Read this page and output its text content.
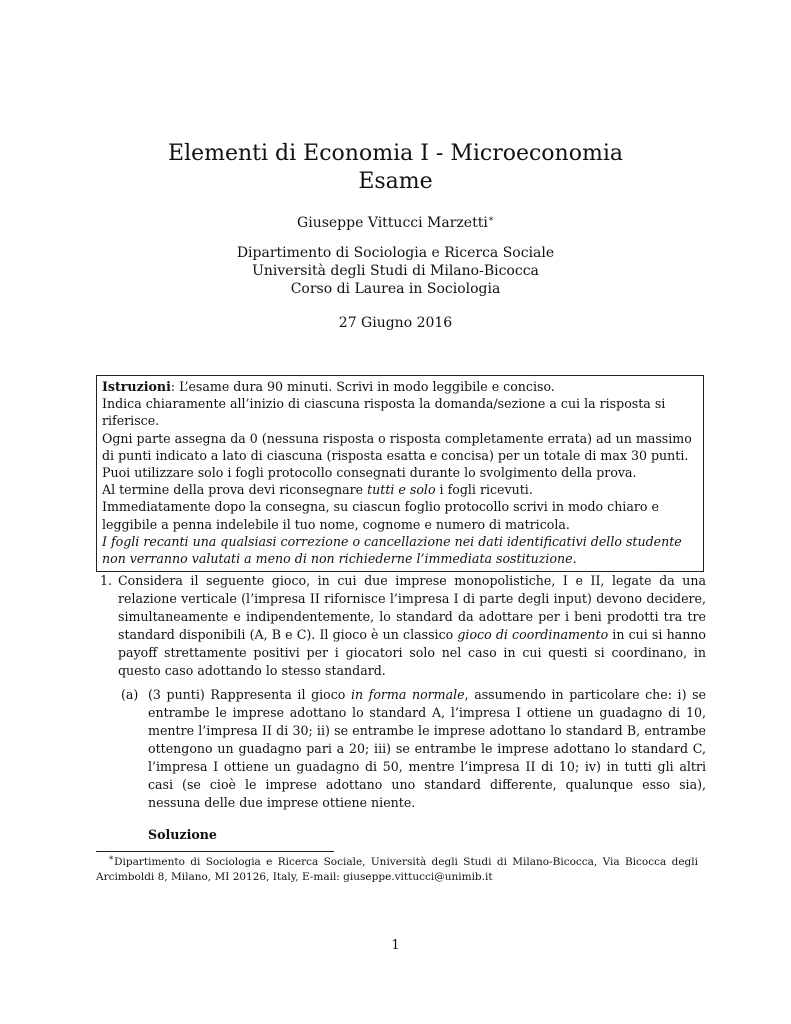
Elementi di Economia I - Microeconomia
Esame
Giuseppe Vittucci Marzetti∗
Dipartimento di Sociologia e Ricerca Sociale
Università degli Studi di Milano-Bicocca
Corso di Laurea in Sociologia
27 Giugno 2016

Istruzioni: L’esame dura 90 minuti. Scrivi in modo leggibile e conciso.

Indica chiaramente all’inizio di ciascuna risposta la domanda/sezione a cui la risposta si riferisce.

Ogni parte assegna da 0 (nessuna risposta o risposta completamente errata) ad un massimo di punti indicato a lato di ciascuna (risposta esatta e concisa) per un totale di max 30 punti.

Puoi utilizzare solo i fogli protocollo consegnati durante lo svolgimento della prova.

Al termine della prova devi riconsegnare tutti e solo i fogli ricevuti.

Immediatamente dopo la consegna, su ciascun foglio protocollo scrivi in modo chiaro e leggibile a penna indelebile il tuo nome, cognome e numero di matricola.

I fogli recanti una qualsiasi correzione o cancellazione nei dati identificativi dello studente non verranno valutati a meno di non richiederne l’immediata sostituzione.

1. Considera il seguente gioco, in cui due imprese monopolistiche, I e II, legate da una relazione verticale (l’impresa II rifornisce l’impresa I di parte degli input) devono decidere, simultaneamente e indipendentemente, lo standard da adottare per i beni prodotti tra tre standard disponibili (A, B e C). Il gioco è un classico gioco di coordinamento in cui si hanno payoff strettamente positivi per i giocatori solo nel caso in cui questi si coordinano, in questo caso adottando lo stesso standard.
(a) (3 punti) Rappresenta il gioco in forma normale, assumendo in particolare che: i) se entrambe le imprese adottano lo standard A, l’impresa I ottiene un guadagno di 10, mentre l’impresa II di 30; ii) se entrambe le imprese adottano lo standard B, entrambe ottengono un guadagno pari a 20; iii) se entrambe le imprese adottano lo standard C, l’impresa I ottiene un guadagno di 50, mentre l’impresa II di 10; iv) in tutti gli altri casi (se cioè le imprese adottano uno standard differente, qualunque esso sia), nessuna delle due imprese ottiene niente.
Soluzione
∗Dipartimento di Sociologia e Ricerca Sociale, Università degli Studi di Milano-Bicocca, Via Bicocca degli Arcimboldi 8, Milano, MI 20126, Italy, E-mail: giuseppe.vittucci@unimib.it
1
